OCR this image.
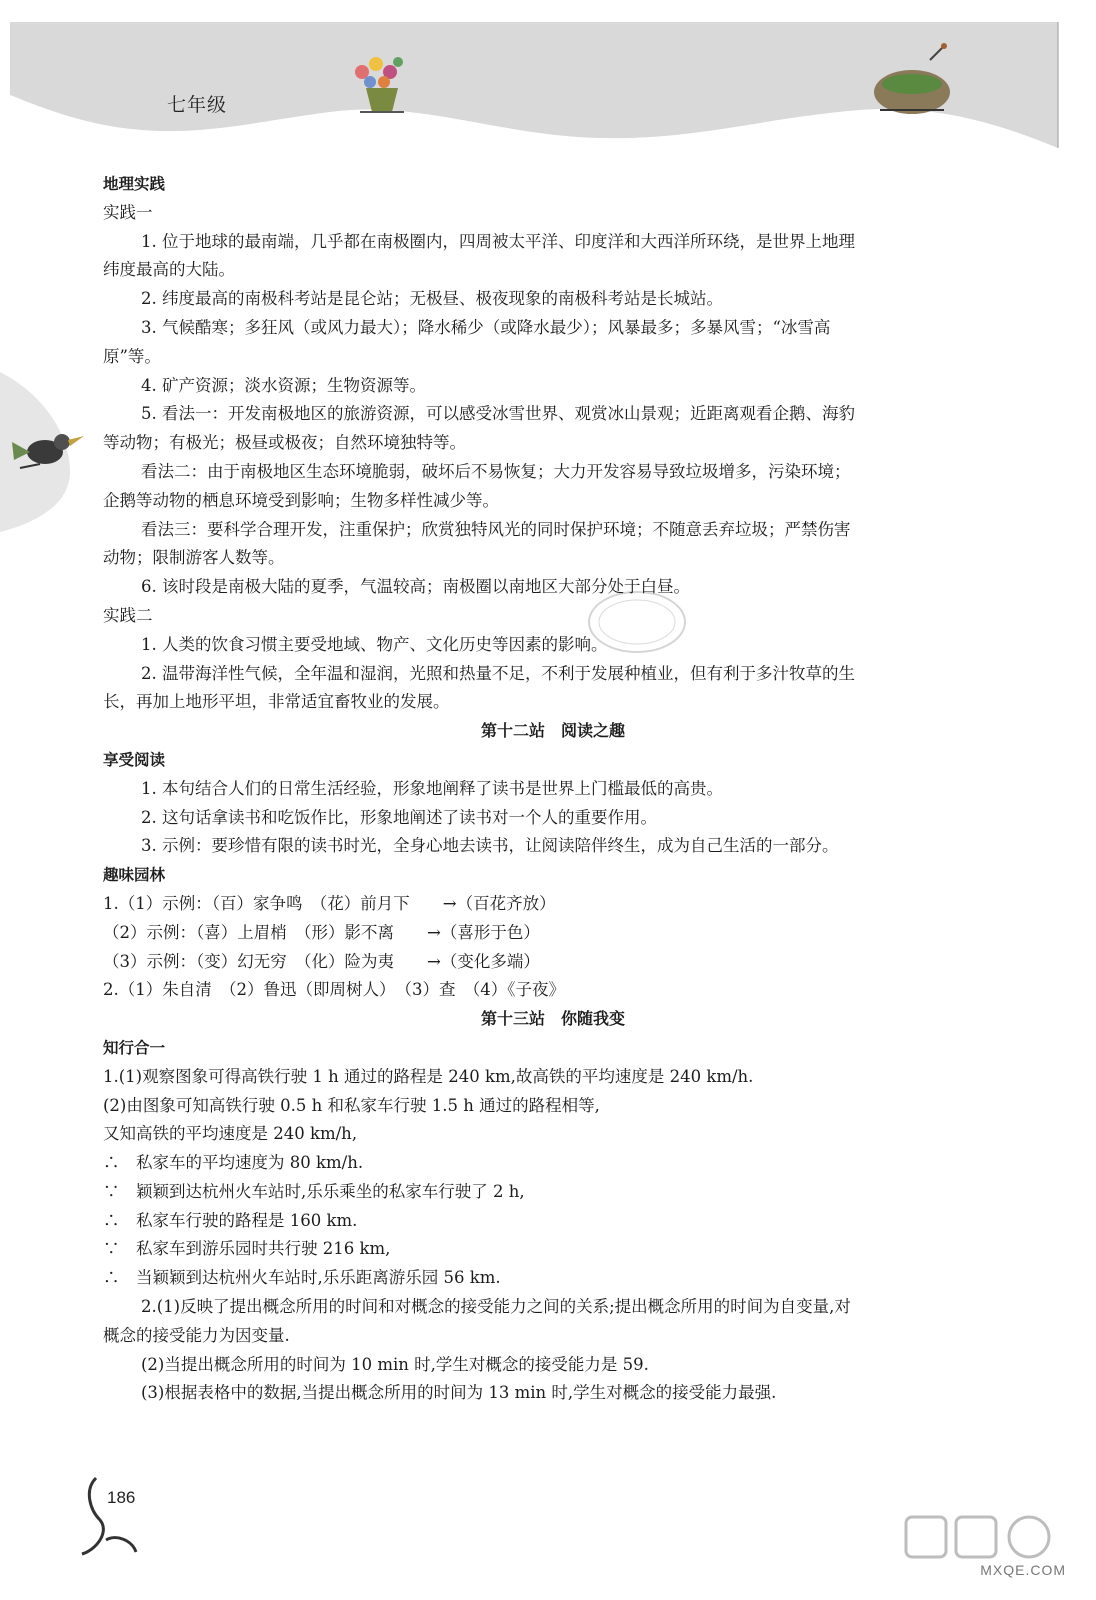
七年级

地理实践

实践一

1. 位于地球的最南端，几乎都在南极圈内，四周被太平洋、印度洋和大西洋所环绕，是世界上地理

纬度最高的大陆。

2. 纬度最高的南极科考站是昆仑站；无极昼、极夜现象的南极科考站是长城站。

3. 气候酷寒；多狂风（或风力最大）；降水稀少（或降水最少）；风暴最多；多暴风雪；“冰雪高

原”等。

4. 矿产资源；淡水资源；生物资源等。

5. 看法一：开发南极地区的旅游资源，可以感受冰雪世界、观赏冰山景观；近距离观看企鹅、海豹

等动物；有极光；极昼或极夜；自然环境独特等。

看法二：由于南极地区生态环境脆弱，破坏后不易恢复；大力开发容易导致垃圾增多，污染环境；

企鹅等动物的栖息环境受到影响；生物多样性减少等。

看法三：要科学合理开发，注重保护；欣赏独特风光的同时保护环境；不随意丢弃垃圾；严禁伤害

动物；限制游客人数等。

6. 该时段是南极大陆的夏季，气温较高；南极圈以南地区大部分处于白昼。

实践二

1. 人类的饮食习惯主要受地域、物产、文化历史等因素的影响。

2. 温带海洋性气候，全年温和湿润，光照和热量不足，不利于发展种植业，但有利于多汁牧草的生

长，再加上地形平坦，非常适宜畜牧业的发展。

第十二站　阅读之趣

享受阅读

1. 本句结合人们的日常生活经验，形象地阐释了读书是世界上门槛最低的高贵。

2. 这句话拿读书和吃饭作比，形象地阐述了读书对一个人的重要作用。

3. 示例：要珍惜有限的读书时光，全身心地去读书，让阅读陪伴终生，成为自己生活的一部分。

趣味园林

1.（1）示例：（百）家争鸣　（花）前月下　　→（百花齐放）

（2）示例：（喜）上眉梢　（形）影不离　　→（喜形于色）

（3）示例：（变）幻无穷　（化）险为夷　　→（变化多端）

2.（1）朱自清　（2）鲁迅（即周树人）　（3）查　（4）《子夜》

第十三站　你随我变

知行合一

1.(1)观察图象可得高铁行驶 1 h 通过的路程是 240 km,故高铁的平均速度是 240 km/h.

(2)由图象可知高铁行驶 0.5 h 和私家车行驶 1.5 h 通过的路程相等,

又知高铁的平均速度是 240 km/h,

∴　私家车的平均速度为 80 km/h.

∵　颖颖到达杭州火车站时,乐乐乘坐的私家车行驶了 2 h,

∴　私家车行驶的路程是 160 km.

∵　私家车到游乐园时共行驶 216 km,

∴　当颖颖到达杭州火车站时,乐乐距离游乐园 56 km.

2.(1)反映了提出概念所用的时间和对概念的接受能力之间的关系;提出概念所用的时间为自变量,对

概念的接受能力为因变量.

(2)当提出概念所用的时间为 10 min 时,学生对概念的接受能力是 59.

(3)根据表格中的数据,当提出概念所用的时间为 13 min 时,学生对概念的接受能力最强.

186
MXQE.COM
